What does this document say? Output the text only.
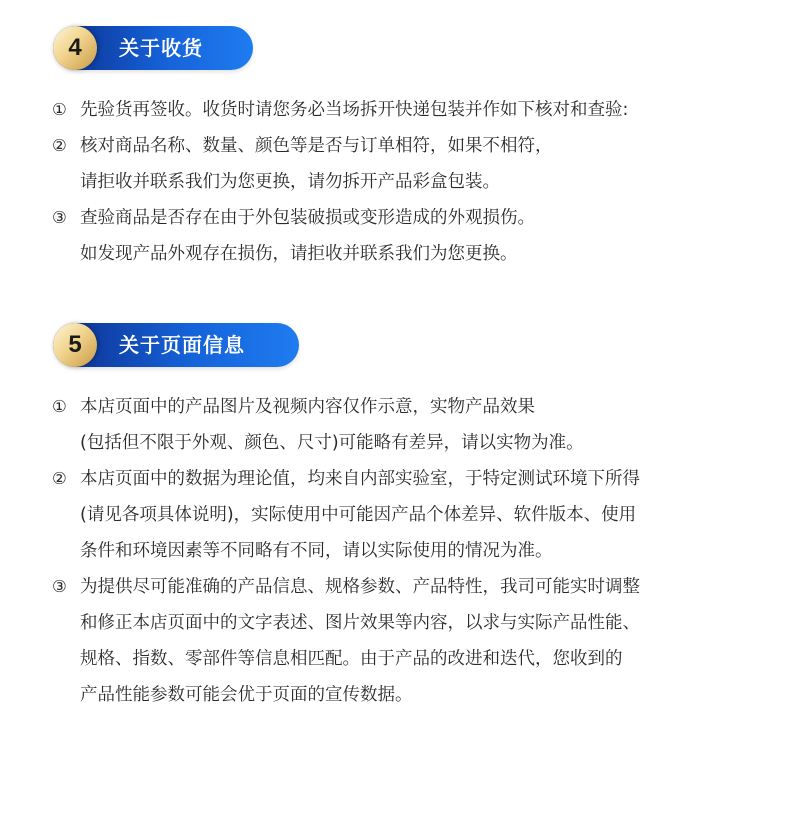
4	关于收货
① 先验货再签收。收货时请您务必当场拆开快递包装并作如下核对和查验:
② 核对商品名称、数量、颜色等是否与订单相符，如果不相符，
请拒收并联系我们为您更换，请勿拆开产品彩盒包装。
③ 查验商品是否存在由于外包装破损或变形造成的外观损伤。
如发现产品外观存在损伤，请拒收并联系我们为您更换。
5	关于页面信息
① 本店页面中的产品图片及视频内容仅作示意，实物产品效果
(包括但不限于外观、颜色、尺寸)可能略有差异，请以实物为准。
② 本店页面中的数据为理论值，均来自内部实验室，于特定测试环境下所得
(请见各项具体说明)，实际使用中可能因产品个体差异、软件版本、使用
条件和环境因素等不同略有不同，请以实际使用的情况为准。
③ 为提供尽可能准确的产品信息、规格参数、产品特性，我司可能实时调整
和修正本店页面中的文字表述、图片效果等内容，以求与实际产品性能、
规格、指数、零部件等信息相匹配。由于产品的改进和迭代，您收到的
产品性能参数可能会优于页面的宣传数据。
